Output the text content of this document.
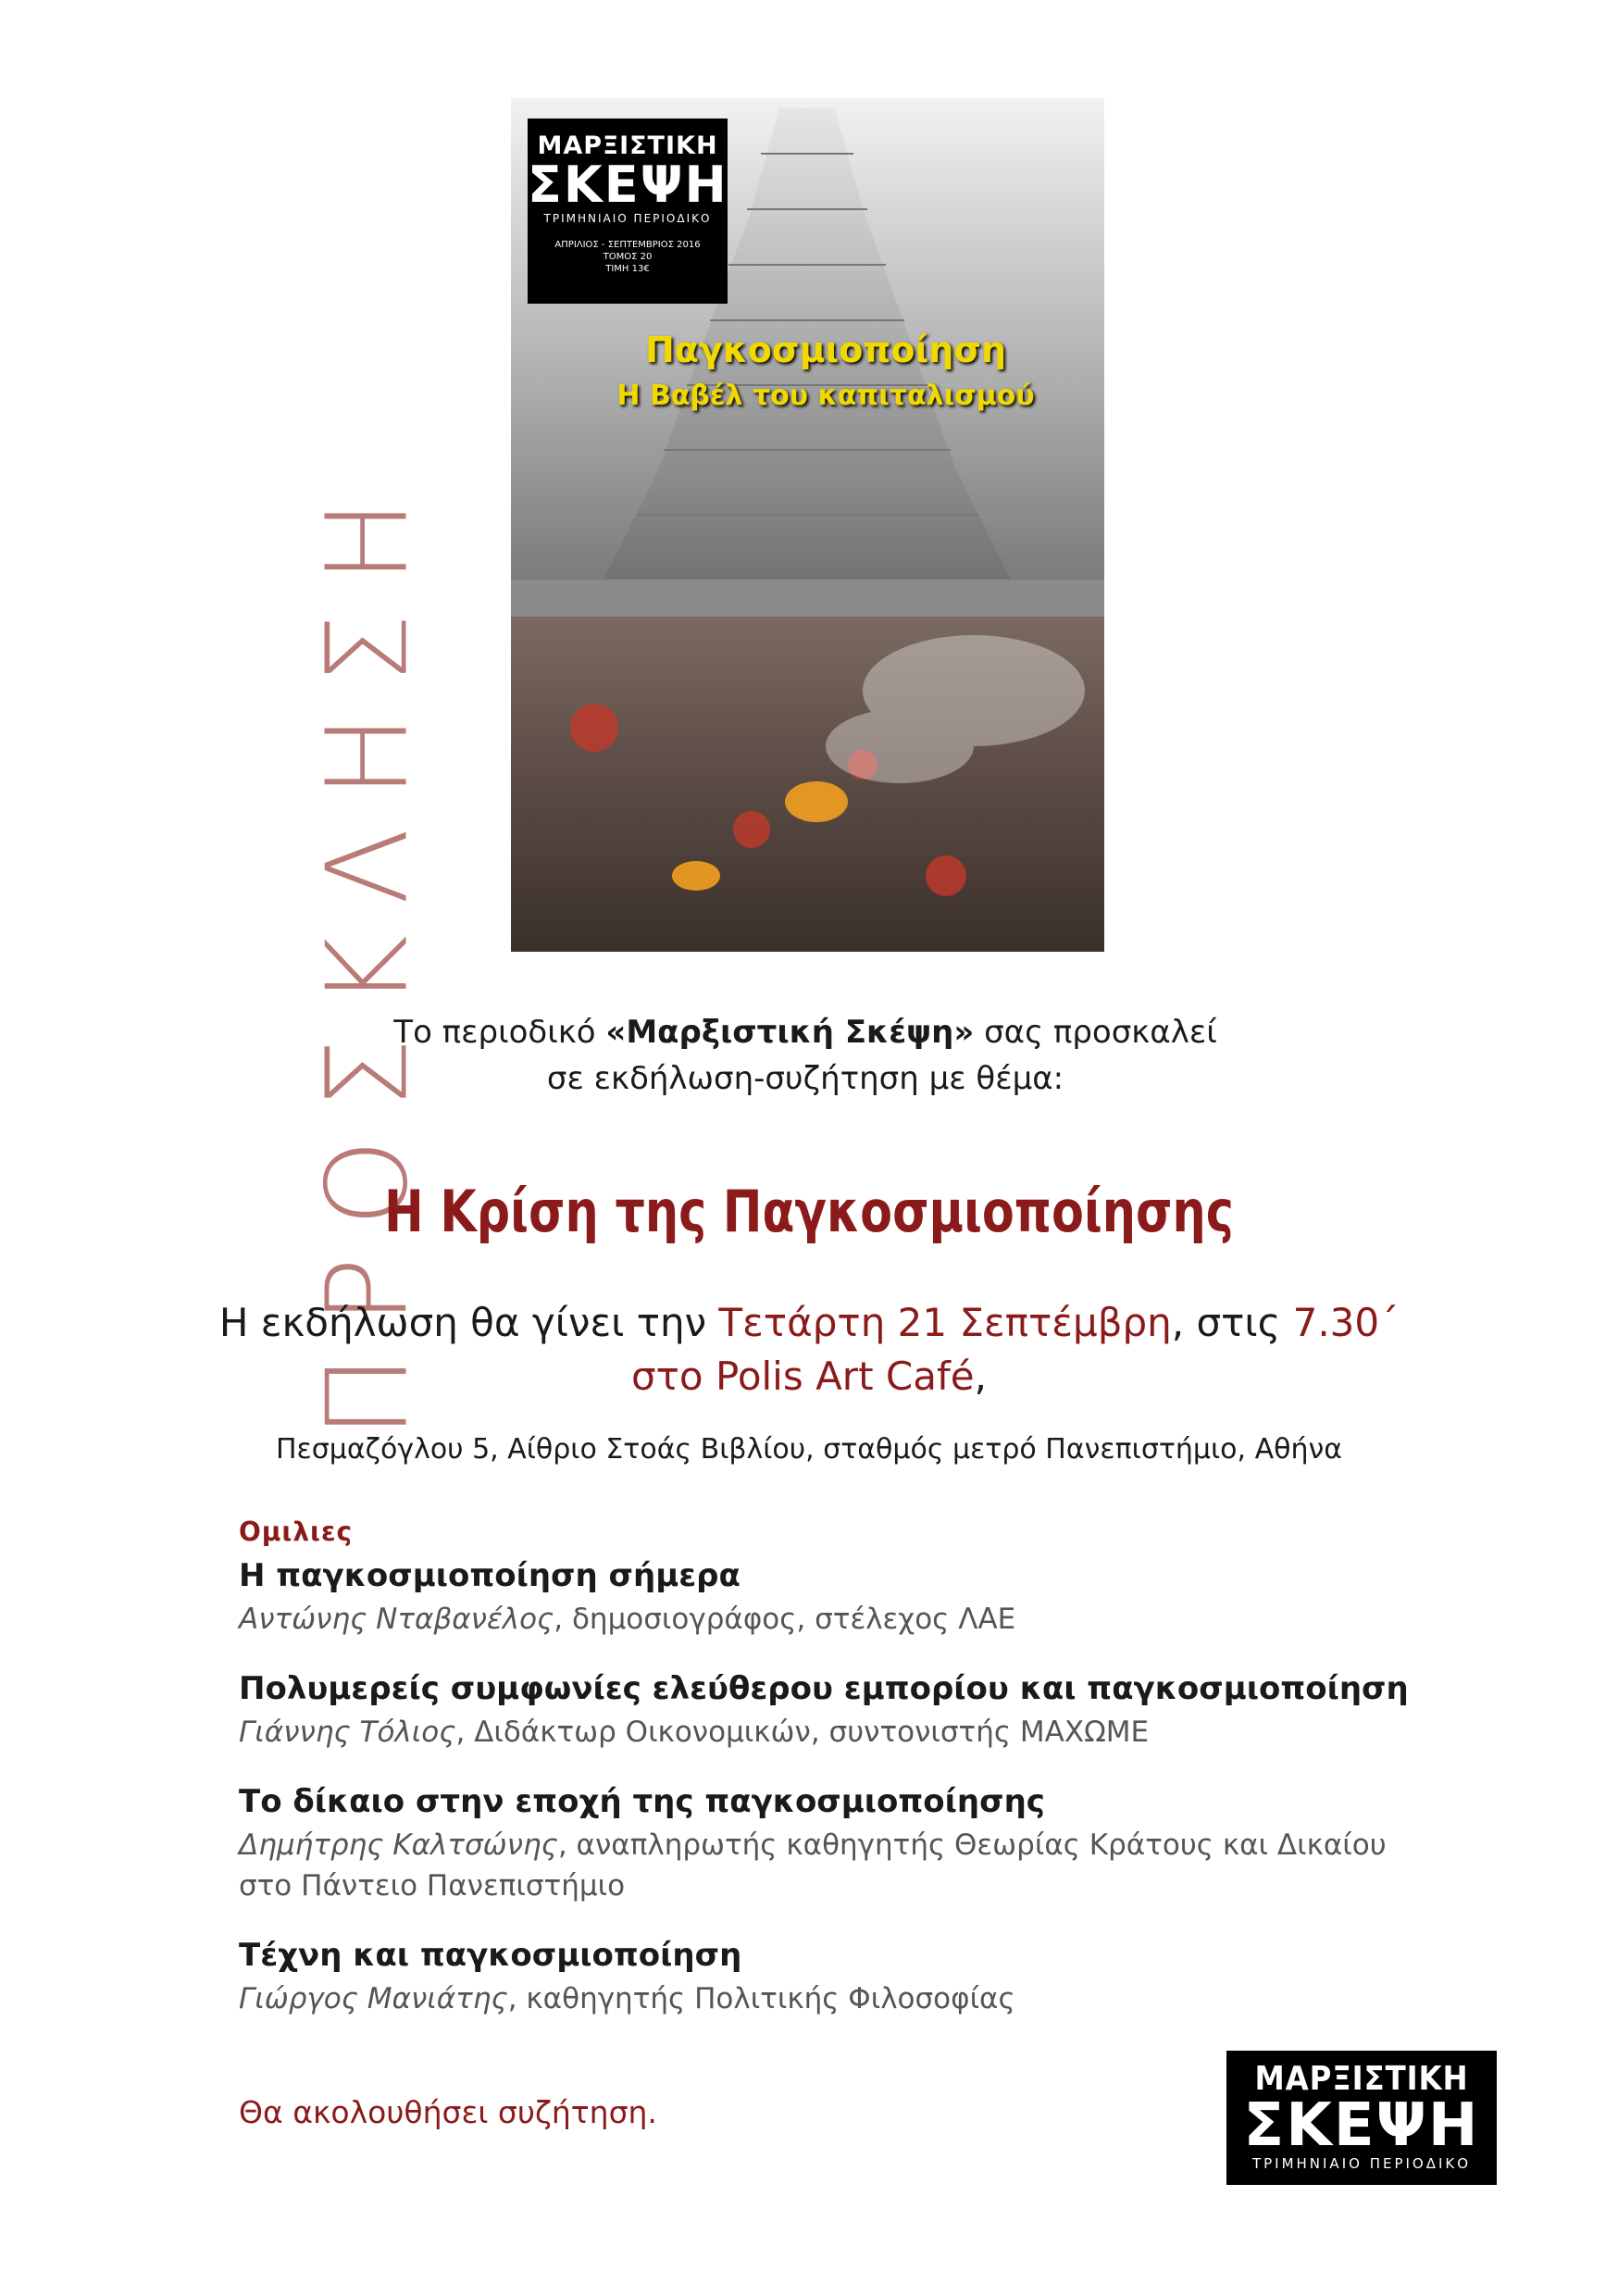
ΠΡΟΣΚΛΗΣΗ
ΜΑΡΞΙΣΤΙΚΗ
ΣΚΕΨΗ
ΤΡΙΜΗΝΙΑΙΟ ΠΕΡΙΟΔΙΚΟ
ΑΠΡΙΛΙΟΣ - ΣΕΠΤΕΜΒΡΙΟΣ 2016
ΤΟΜΟΣ 20
ΤΙΜΗ 13€
Παγκοσμιοποίηση
Η Βαβέλ του καπιταλισμού
Το περιοδικό «Μαρξιστική Σκέψη» σας προσκαλεί
σε εκδήλωση-συζήτηση με θέμα:
Η Κρίση της Παγκοσμιοποίησης
Η εκδήλωση θα γίνει την Τετάρτη 21 Σεπτέμβρη, στις 7.30΄
στο Polis Art Café,
Πεσμαζόγλου 5, Αίθριο Στοάς Βιβλίου, σταθμός μετρό Πανεπιστήμιο, Αθήνα
Ομιλιες
Η παγκοσμιοποίηση σήμερα
Αντώνης Νταβανέλος, δημοσιογράφος, στέλεχος ΛΑΕ
Πολυμερείς συμφωνίες ελεύθερου εμπορίου και παγκοσμιοποίηση
Γιάννης Τόλιος, Διδάκτωρ Οικονομικών, συντονιστής ΜΑΧΩΜΕ
Το δίκαιο στην εποχή της παγκοσμιοποίησης
Δημήτρης Καλτσώνης, αναπληρωτής καθηγητής Θεωρίας Κράτους και Δικαίου
στο Πάντειο Πανεπιστήμιο
Τέχνη και παγκοσμιοποίηση
Γιώργος Μανιάτης, καθηγητής Πολιτικής Φιλοσοφίας
Θα ακολουθήσει συζήτηση.
ΜΑΡΞΙΣΤΙΚΗ
ΣΚΕΨΗ
ΤΡΙΜΗΝΙΑΙΟ ΠΕΡΙΟΔΙΚΟ
